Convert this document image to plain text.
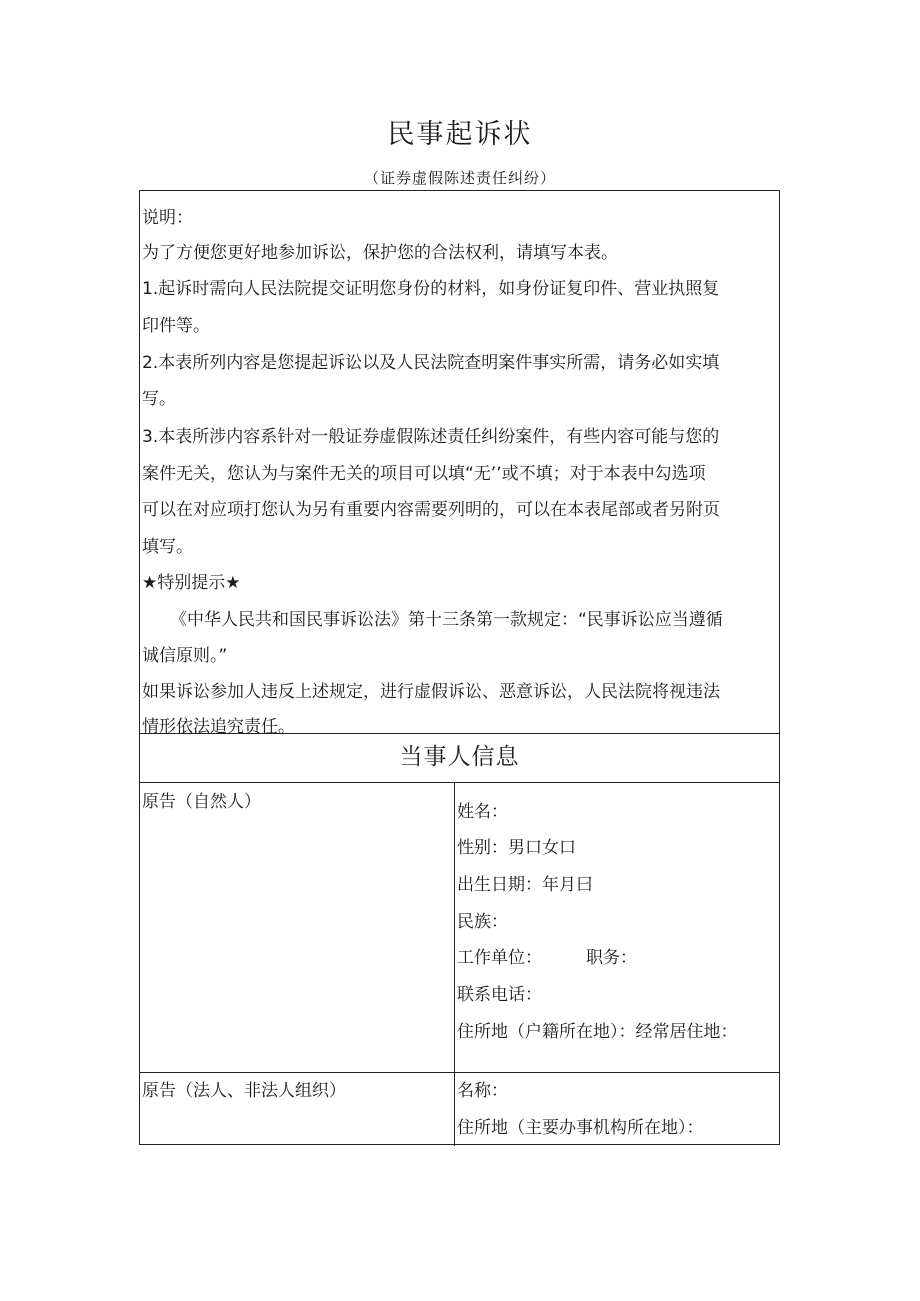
民事起诉状
（证券虚假陈述责任纠纷）
说明：
为了方便您更好地参加诉讼，保护您的合法权利，请填写本表。
1.起诉时需向人民法院提交证明您身份的材料，如身份证复印件、营业执照复
印件等。
2.本表所列内容是您提起诉讼以及人民法院查明案件事实所需，请务必如实填
写。
3.本表所涉内容系针对一般证券虚假陈述责任纠纷案件，有些内容可能与您的
案件无关，您认为与案件无关的项目可以填“无’’或不填；对于本表中勾选项
可以在对应项打您认为另有重要内容需要列明的，可以在本表尾部或者另附页
填写。
★特别提示★
《中华人民共和国民事诉讼法》第十三条第一款规定：“民事诉讼应当遵循
诚信原则。”
如果诉讼参加人违反上述规定，进行虚假诉讼、恶意诉讼，人民法院将视违法
情形依法追究责任。
当事人信息
原告（自然人）	姓名：
性别：男口女口
出生日期：年月曰
民族：
工作单位：	职务：
联系电话：
住所地（户籍所在地）：经常居住地：
原告（法人、非法人组织）	名称：
住所地（主要办事机构所在地）：
